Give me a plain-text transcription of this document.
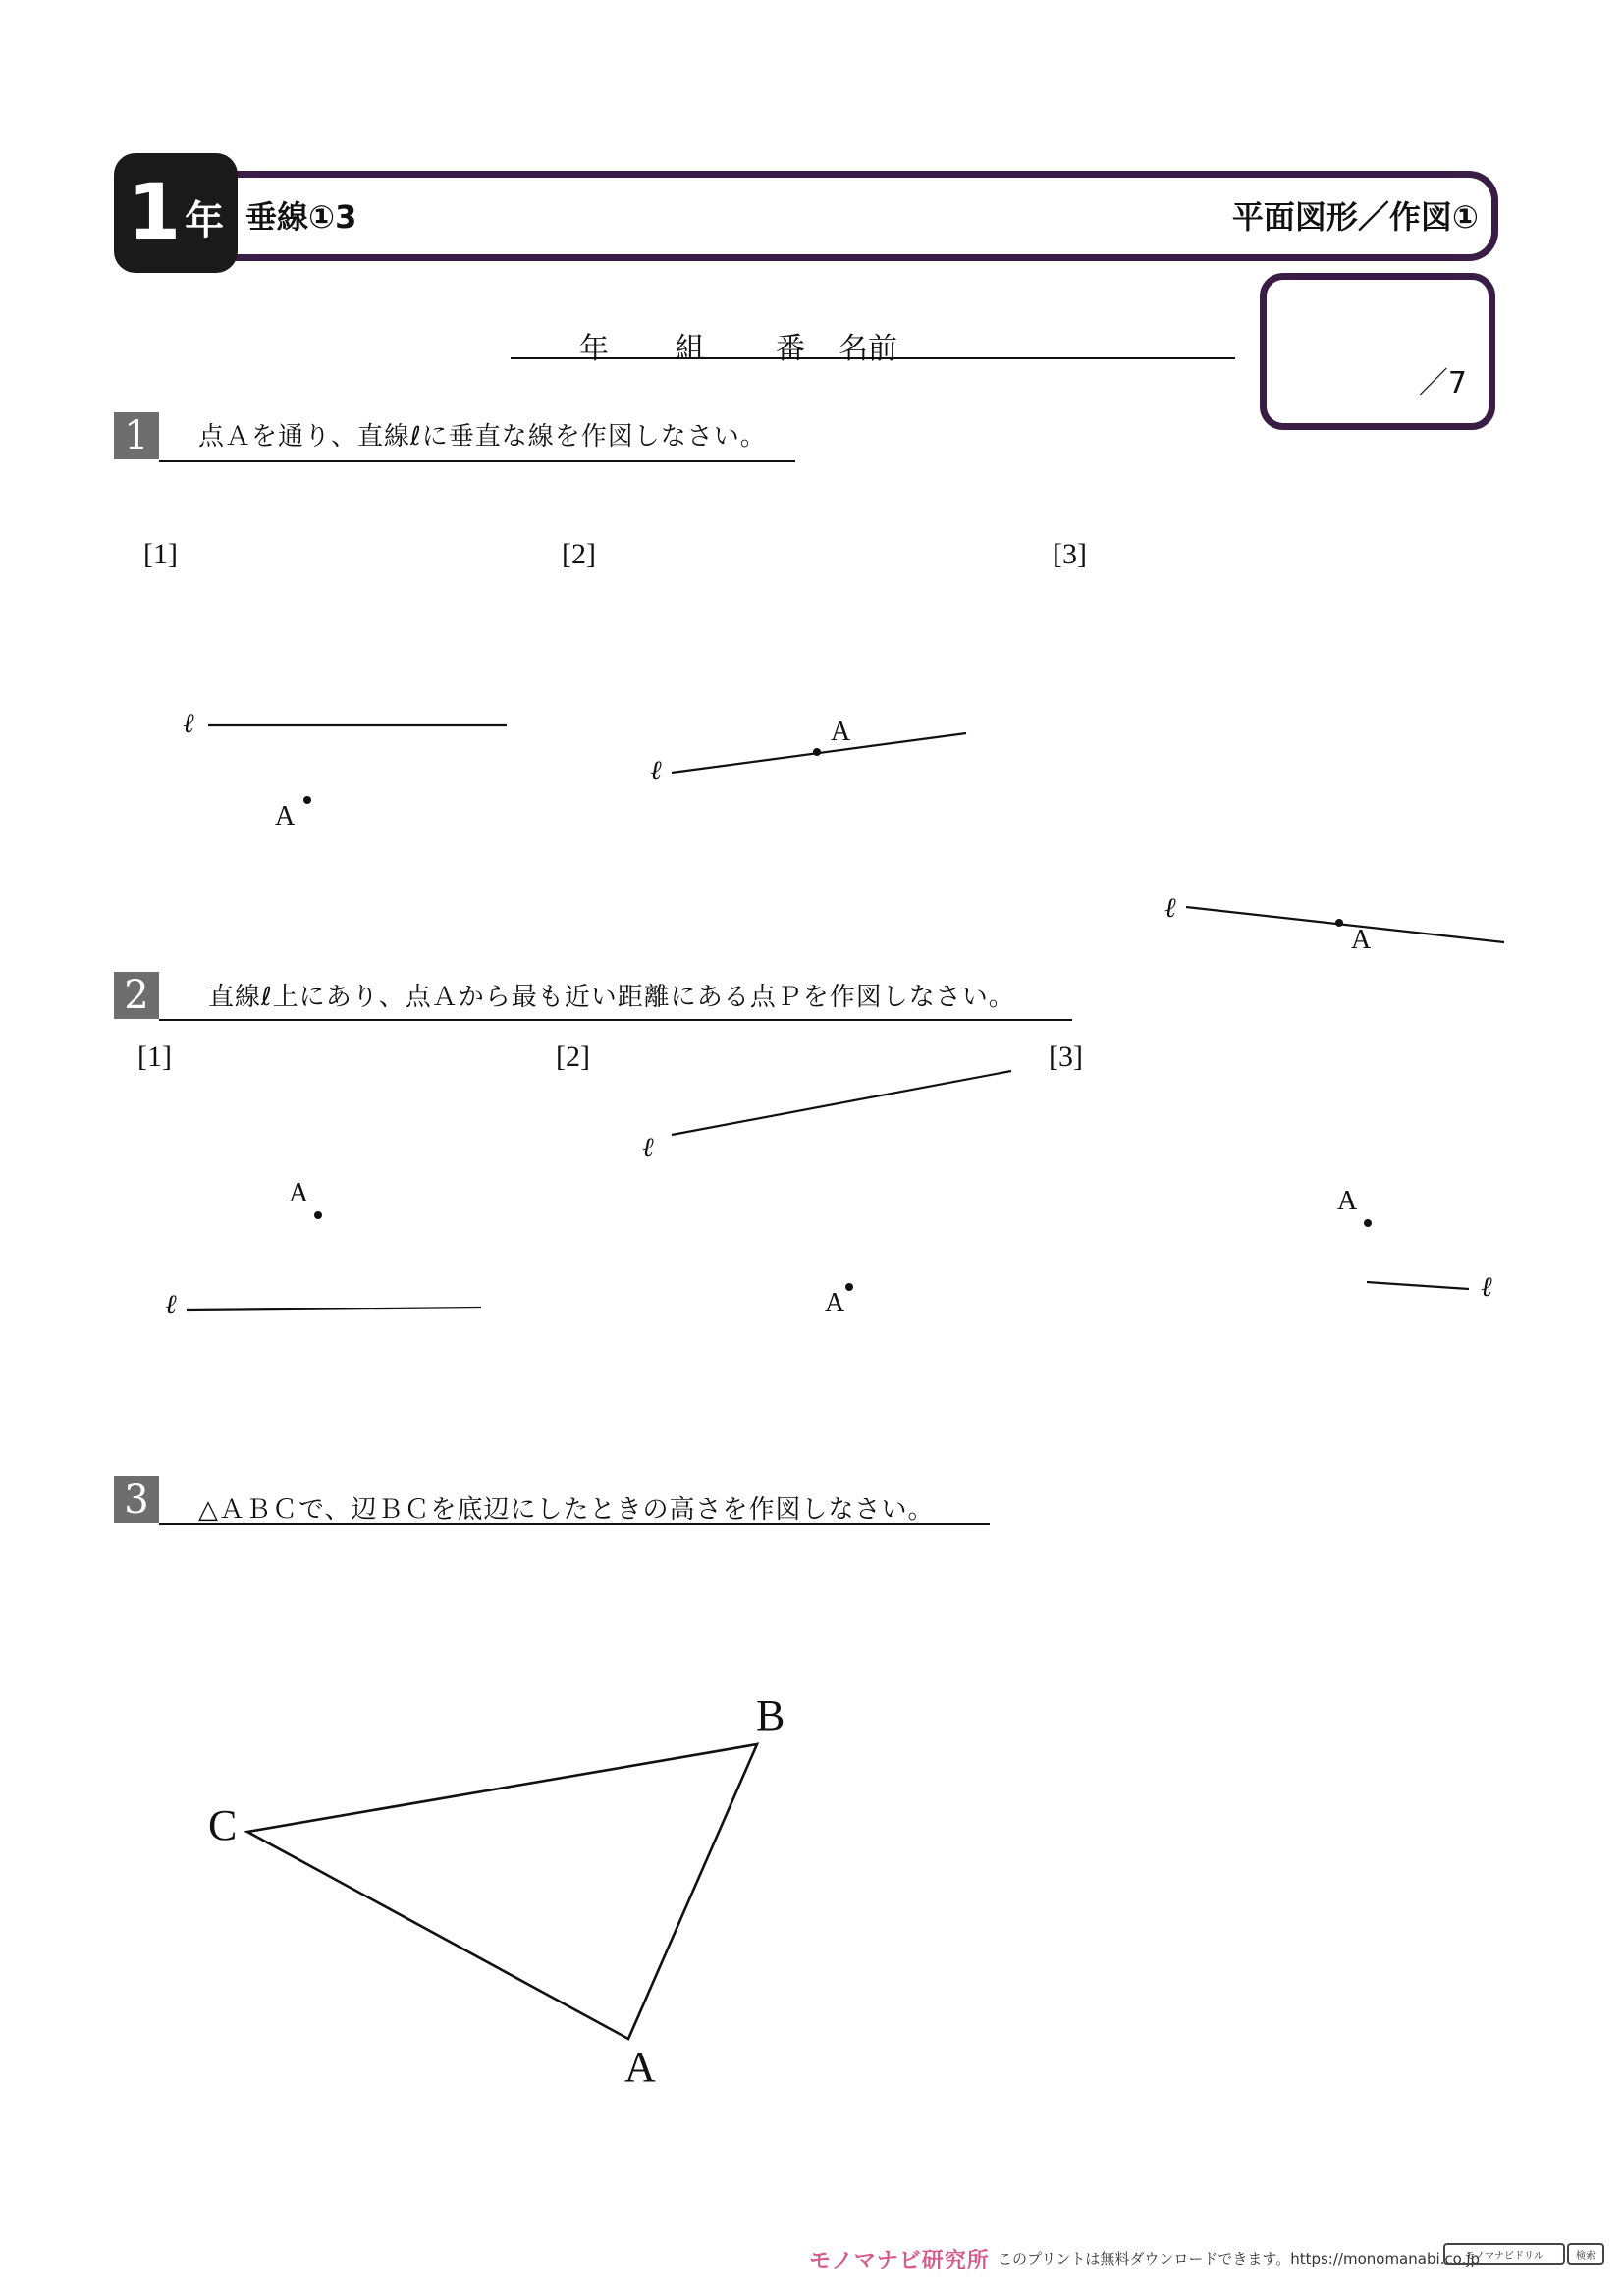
1 年 垂線①3	平面図形／作図①
／7
年 組 番 名前
1	点Ａを通り、直線ℓに垂直な線を作図しなさい。
[1]	[2]	[3]
2	直線ℓ上にあり、点Ａから最も近い距離にある点Ｐを作図しなさい。
[1]	[2]	[3]
3	△ＡＢＣで、辺ＢＣを底辺にしたときの高さを作図しなさい。
A
ℓ	A
ℓ
A
ℓ
A
ℓ	A
ℓ
A
ℓ
B
C
A
モノマナビ研究所 このプリントは無料ダウンロードできます。https://monomanabi.co.jp
モノマナビドリル	検索
